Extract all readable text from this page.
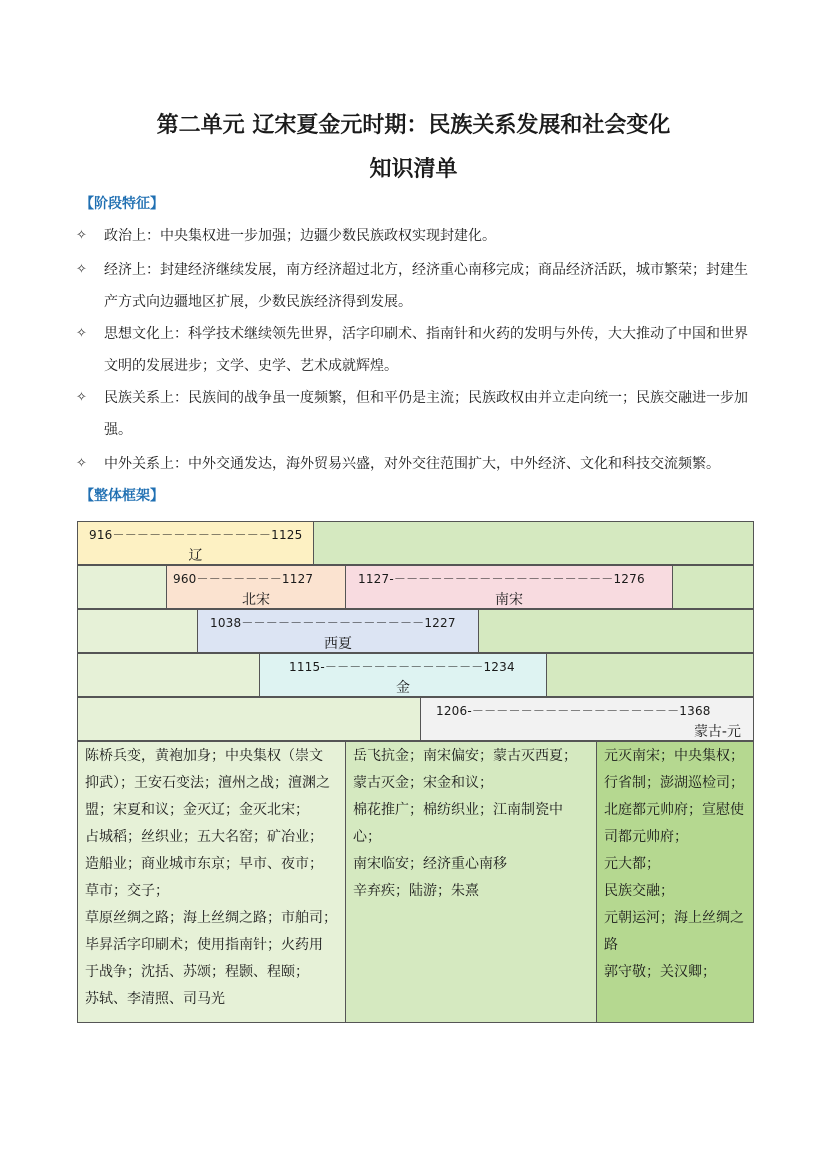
第二单元 辽宋夏金元时期：民族关系发展和社会变化
知识清单
【阶段特征】
✧ 政治上：中央集权进一步加强；边疆少数民族政权实现封建化。
✧ 经济上：封建经济继续发展，南方经济超过北方，经济重心南移完成；商品经济活跃，城市繁荣；封建生产方式向边疆地区扩展，少数民族经济得到发展。
✧ 思想文化上：科学技术继续领先世界，活字印刷术、指南针和火药的发明与外传，大大推动了中国和世界文明的发展进步；文学、史学、艺术成就辉煌。
✧ 民族关系上：民族间的战争虽一度频繁，但和平仍是主流；民族政权由并立走向统一；民族交融进一步加强。
✧ 中外关系上：中外交通发达，海外贸易兴盛，对外交往范围扩大，中外经济、文化和科技交流频繁。
【整体框架】
916－－－－－－－－－－－－－1125
辽
960－－－－－－－1127
北宋
1127-－－－－－－－－－－－－－－－－－－1276
南宋
1038－－－－－－－－－－－－－－－1227
西夏
1115-－－－－－－－－－－－－－1234
金
1206-－－－－－－－－－－－－－－－－－1368
蒙古-元

陈桥兵变，黄袍加身；中央集权（崇文

抑武）；王安石变法；澶州之战；澶渊之

盟；宋夏和议；金灭辽；金灭北宋；

占城稻；丝织业；五大名窑；矿冶业；

造船业；商业城市东京；早市、夜市；

草市；交子；

草原丝绸之路；海上丝绸之路；市舶司；

毕昇活字印刷术；使用指南针；火药用

于战争；沈括、苏颂；程颢、程颐；

苏轼、李清照、司马光

岳飞抗金；南宋偏安；蒙古灭西夏；

蒙古灭金；宋金和议；

棉花推广；棉纺织业；江南制瓷中心；

南宋临安；经济重心南移

辛弃疾；陆游；朱熹

元灭南宋；中央集权；

行省制；澎湖巡检司；

北庭都元帅府；宣慰使

司都元帅府；

元大都；

民族交融；

元朝运河；海上丝绸之

路

郭守敬；关汉卿；
